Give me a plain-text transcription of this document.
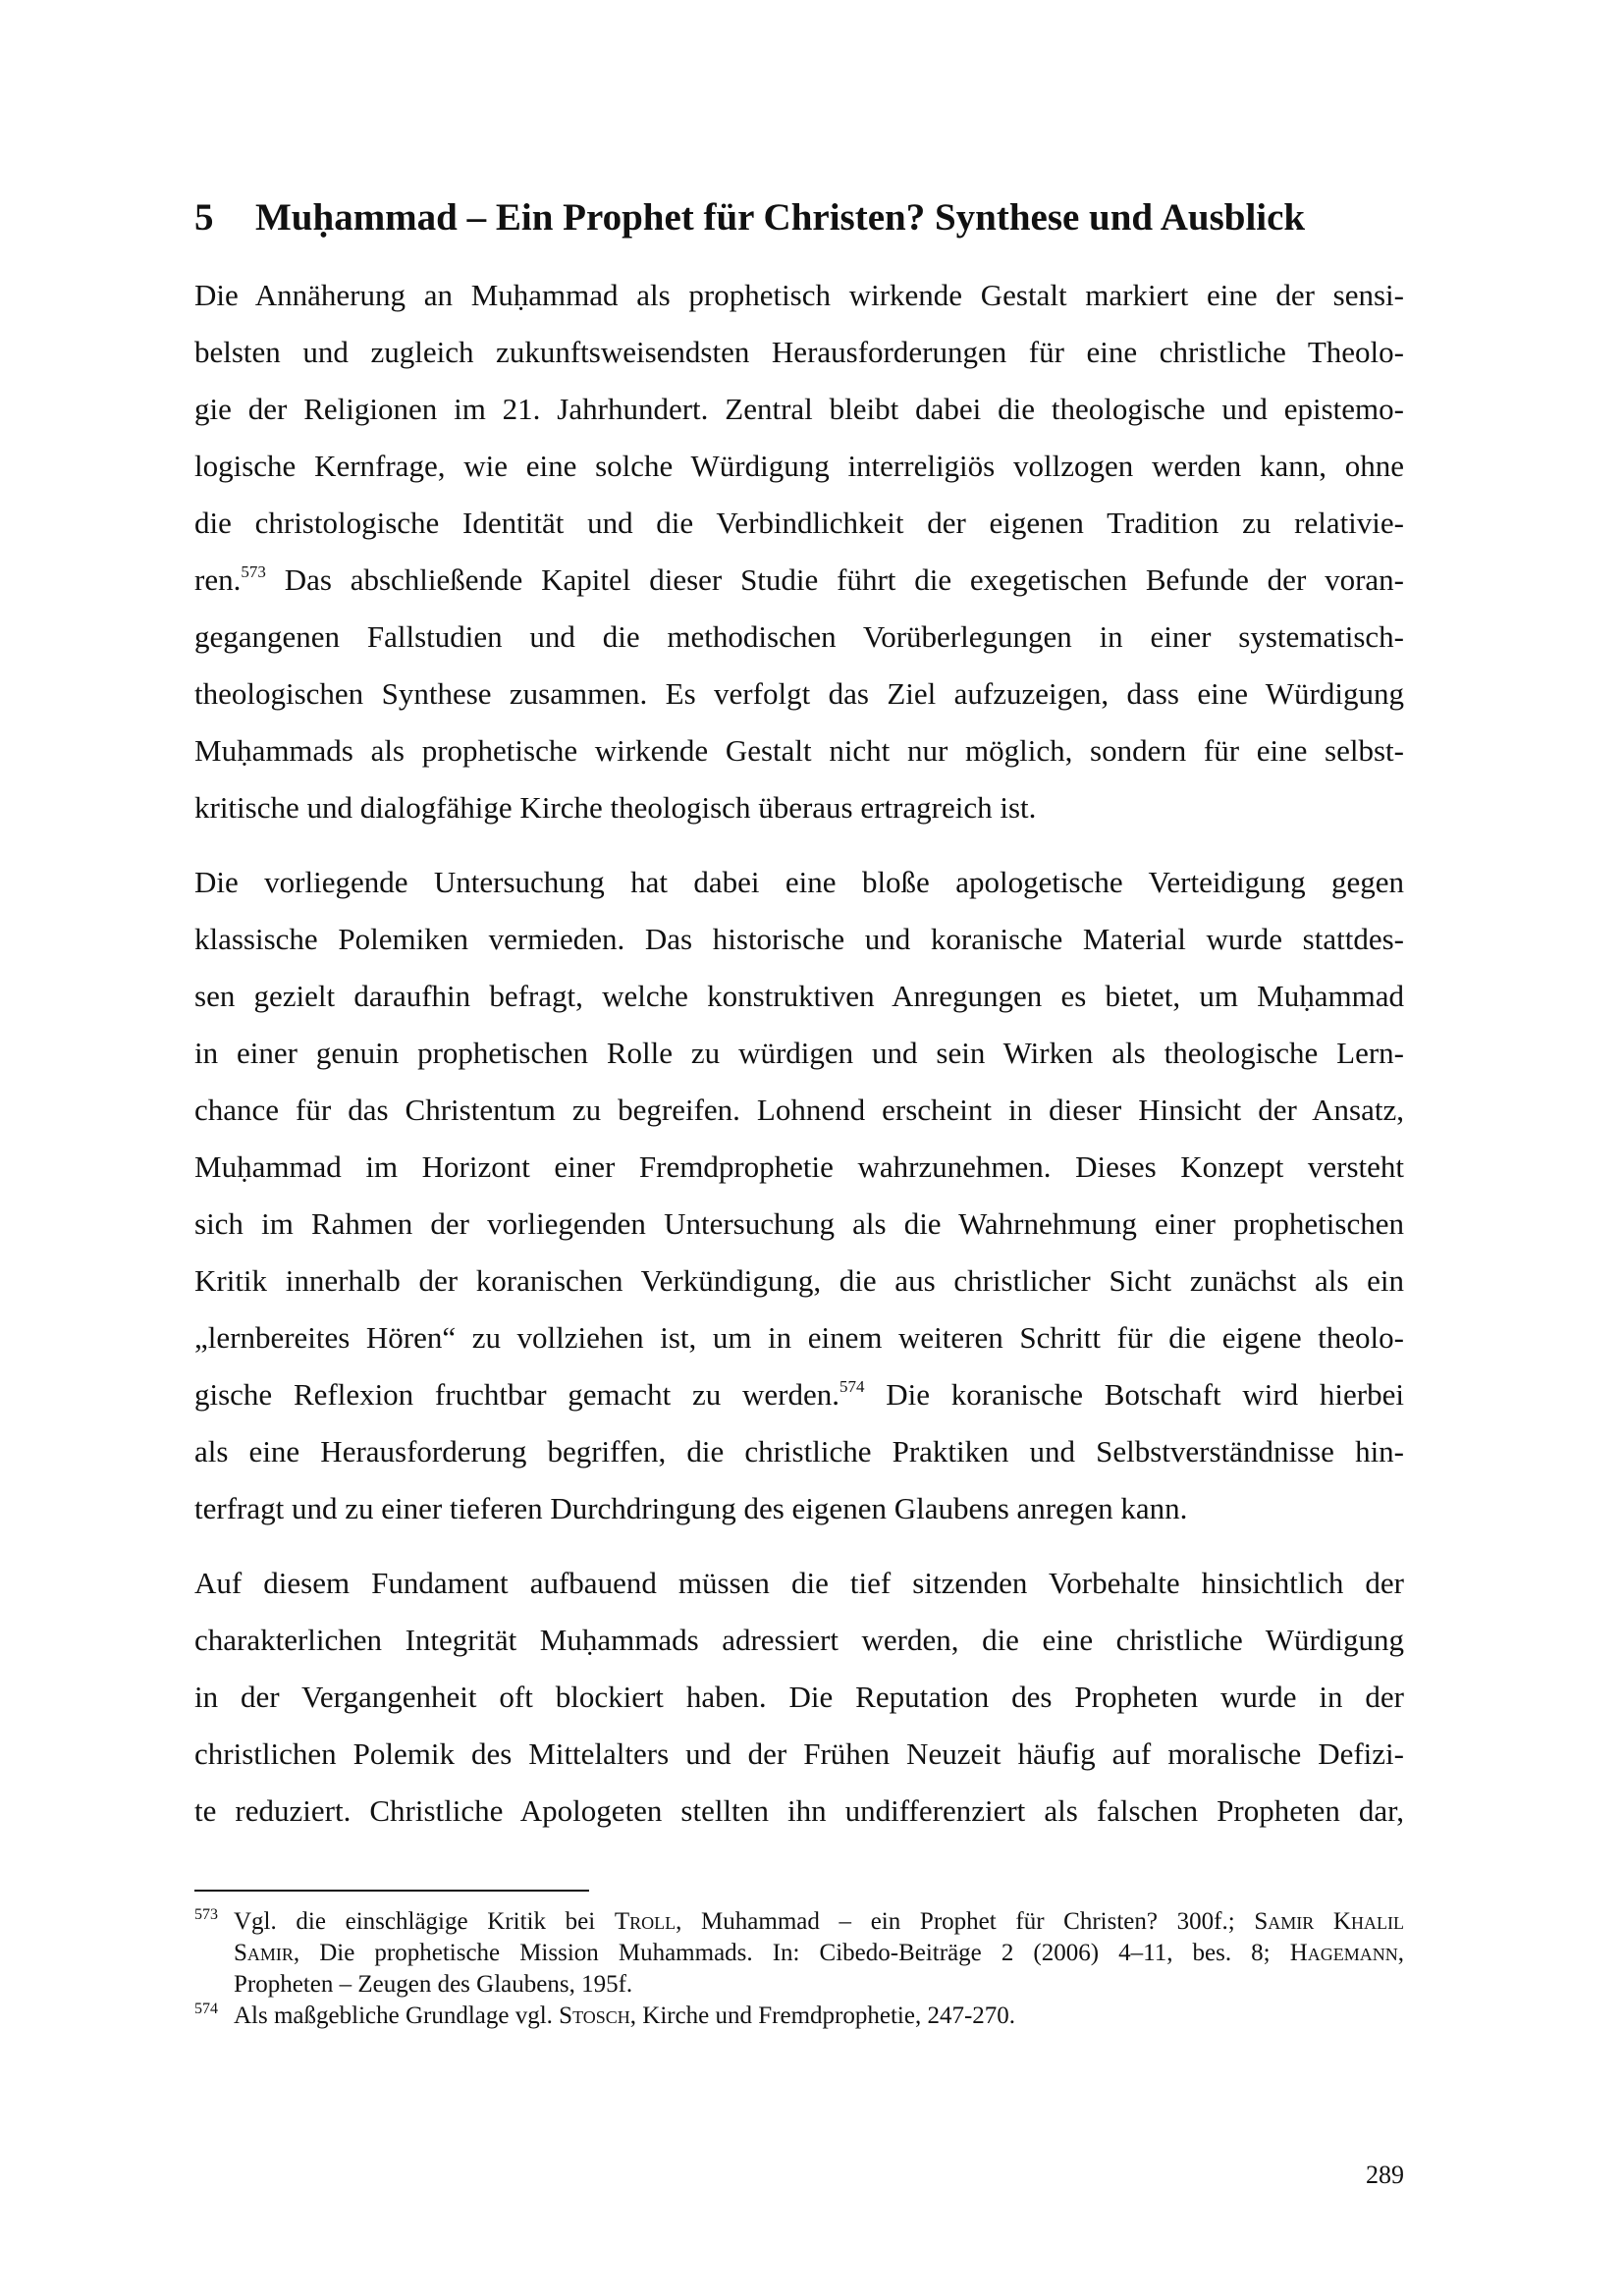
5 Muḥammad – Ein Prophet für Christen? Synthese und Ausblick
Die Annäherung an Muḥammad als prophetisch wirkende Gestalt markiert eine der sensi-
belsten und zugleich zukunftsweisendsten Herausforderungen für eine christliche Theolo-
gie der Religionen im 21. Jahrhundert. Zentral bleibt dabei die theologische und epistemo-
logische Kernfrage, wie eine solche Würdigung interreligiös vollzogen werden kann, ohne
die christologische Identität und die Verbindlichkeit der eigenen Tradition zu relativie-
ren.$^{573}$ Das abschließende Kapitel dieser Studie führt die exegetischen Befunde der voran-
gegangenen Fallstudien und die methodischen Vorüberlegungen in einer systematisch-
theologischen Synthese zusammen. Es verfolgt das Ziel aufzuzeigen, dass eine Würdigung
Muḥammads als prophetische wirkende Gestalt nicht nur möglich, sondern für eine selbst-
kritische und dialogfähige Kirche theologisch überaus ertragreich ist.
Die vorliegende Untersuchung hat dabei eine bloße apologetische Verteidigung gegen
klassische Polemiken vermieden. Das historische und koranische Material wurde stattdes-
sen gezielt daraufhin befragt, welche konstruktiven Anregungen es bietet, um Muḥammad
in einer genuin prophetischen Rolle zu würdigen und sein Wirken als theologische Lern-
chance für das Christentum zu begreifen. Lohnend erscheint in dieser Hinsicht der Ansatz,
Muḥammad im Horizont einer Fremdprophetie wahrzunehmen. Dieses Konzept versteht
sich im Rahmen der vorliegenden Untersuchung als die Wahrnehmung einer prophetischen
Kritik innerhalb der koranischen Verkündigung, die aus christlicher Sicht zunächst als ein
„lernbereites Hören“ zu vollziehen ist, um in einem weiteren Schritt für die eigene theolo-
gische Reflexion fruchtbar gemacht zu werden.$^{574}$ Die koranische Botschaft wird hierbei
als eine Herausforderung begriffen, die christliche Praktiken und Selbstverständnisse hin-
terfragt und zu einer tieferen Durchdringung des eigenen Glaubens anregen kann.
Auf diesem Fundament aufbauend müssen die tief sitzenden Vorbehalte hinsichtlich der
charakterlichen Integrität Muḥammads adressiert werden, die eine christliche Würdigung
in der Vergangenheit oft blockiert haben. Die Reputation des Propheten wurde in der
christlichen Polemik des Mittelalters und der Frühen Neuzeit häufig auf moralische Defizi-
te reduziert. Christliche Apologeten stellten ihn undifferenziert als falschen Propheten dar,
573 Vgl. die einschlägige Kritik bei Troll, Muhammad – ein Prophet für Christen? 300f.; Samir Khalil
Samir, Die prophetische Mission Muhammads. In: Cibedo-Beiträge 2 (2006) 4–11, bes. 8; Hagemann,
Propheten – Zeugen des Glaubens, 195f.
574 Als maßgebliche Grundlage vgl. Stosch, Kirche und Fremdprophetie, 247-270.
289
